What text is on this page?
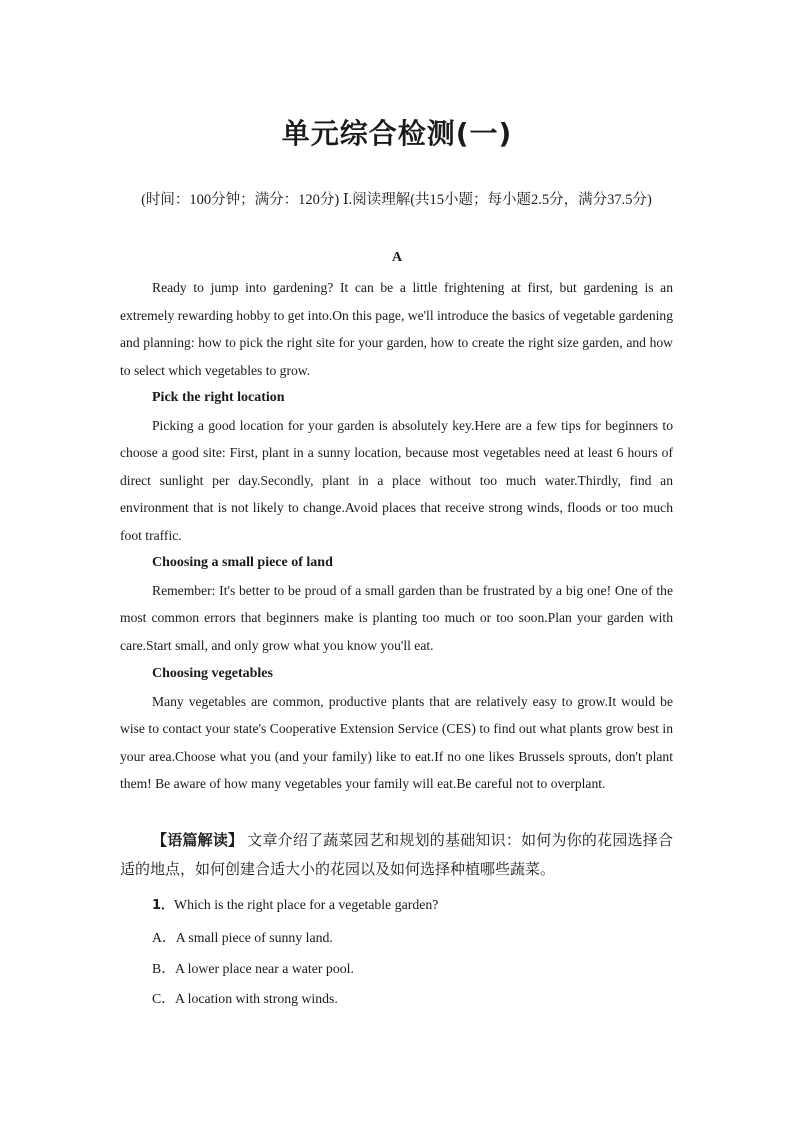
单元综合检测(一)
(时间：100分钟；满分：120分) Ⅰ.阅读理解(共15小题；每小题2.5分，满分37.5分)
A

Ready to jump into gardening? It can be a little frightening at first, but gardening is an extremely rewarding hobby to get into.On this page, we'll introduce the basics of vegetable gardening and planning: how to pick the right site for your garden, how to create the right size garden, and how to select which vegetables to grow.

Pick the right location

Picking a good location for your garden is absolutely key.Here are a few tips for beginners to choose a good site: First, plant in a sunny location, because most vegetables need at least 6 hours of direct sunlight per day.Secondly, plant in a place without too much water.Thirdly, find an environment that is not likely to change.Avoid places that receive strong winds, floods or too much foot traffic.

Choosing a small piece of land

Remember: It's better to be proud of a small garden than be frustrated by a big one! One of the most common errors that beginners make is planting too much or too soon.Plan your garden with care.Start small, and only grow what you know you'll eat.

Choosing vegetables

Many vegetables are common, productive plants that are relatively easy to grow.It would be wise to contact your state's Cooperative Extension Service (CES) to find out what plants grow best in your area.Choose what you (and your family) like to eat.If no one likes Brussels sprouts, don't plant them! Be aware of how many vegetables your family will eat.Be careful not to overplant.

【语篇解读】 文章介绍了蔬菜园艺和规划的基础知识：如何为你的花园选择合适的地点，如何创建合适大小的花园以及如何选择种植哪些蔬菜。
1．Which is the right place for a vegetable garden?
A．A small piece of sunny land.
B．A lower place near a water pool.
C．A location with strong winds.
